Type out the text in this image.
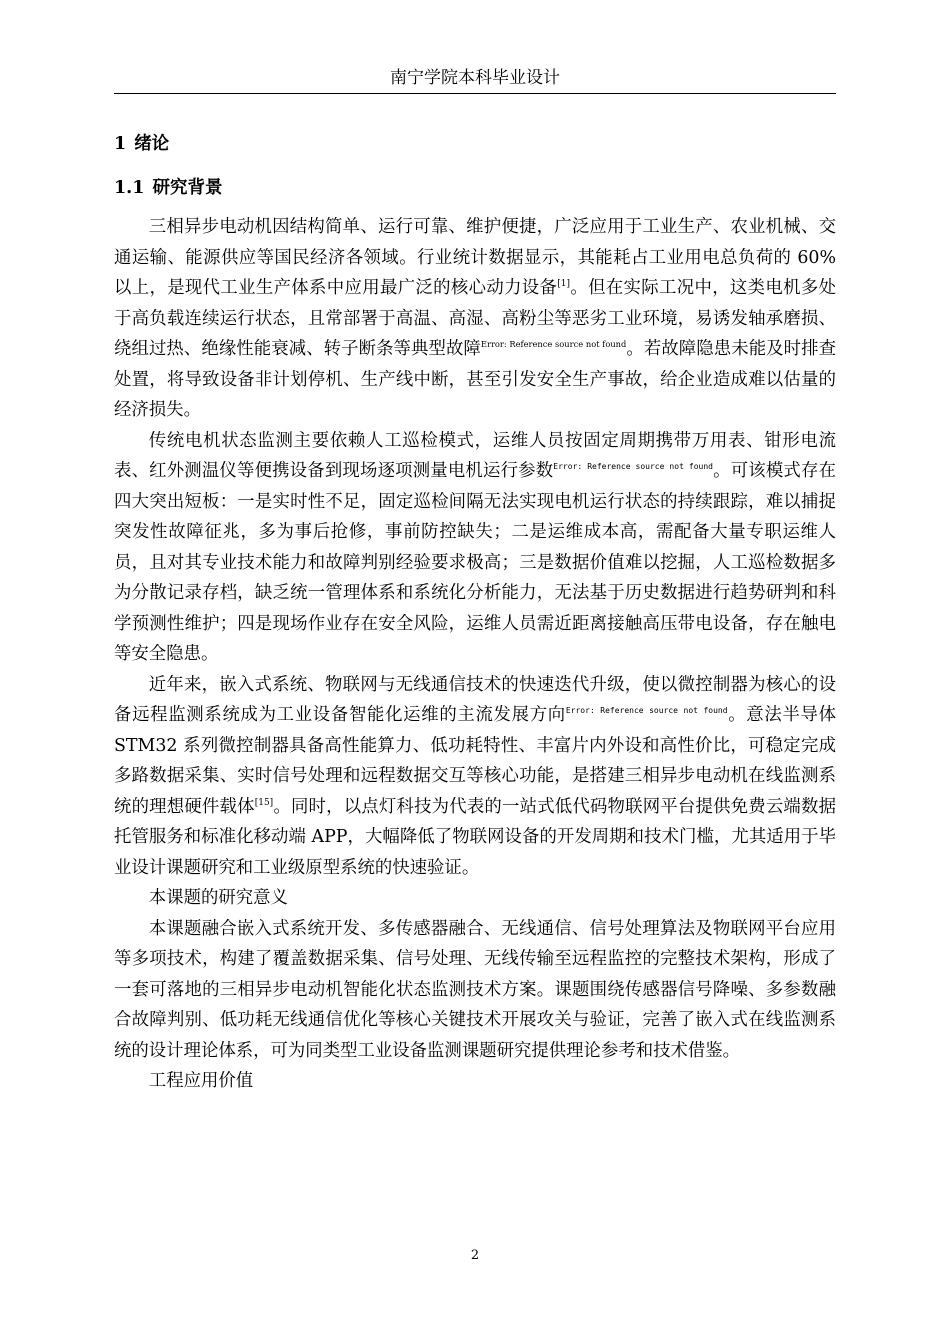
南宁学院本科毕业设计
1 绪论
1.1 研究背景

三相异步电动机因结构简单、运行可靠、维护便捷，广泛应用于工业生产、农业机械、交通运输、能源供应等国民经济各领域。行业统计数据显示，其能耗占工业用电总负荷的 60% 以上，是现代工业生产体系中应用最广泛的核心动力设备[1]。但在实际工况中，这类电机多处于高负载连续运行状态，且常部署于高温、高湿、高粉尘等恶劣工业环境，易诱发轴承磨损、绕组过热、绝缘性能衰减、转子断条等典型故障$^{Error: Reference source not found}$。若故障隐患未能及时排查处置，将导致设备非计划停机、生产线中断，甚至引发安全生产事故，给企业造成难以估量的经济损失。

传统电机状态监测主要依赖人工巡检模式，运维人员按固定周期携带万用表、钳形电流表、红外测温仪等便携设备到现场逐项测量电机运行参数$^{Error: Reference source not found}$。可该模式存在四大突出短板：一是实时性不足，固定巡检间隔无法实现电机运行状态的持续跟踪，难以捕捉突发性故障征兆，多为事后抢修，事前防控缺失；二是运维成本高，需配备大量专职运维人员，且对其专业技术能力和故障判别经验要求极高；三是数据价值难以挖掘，人工巡检数据多为分散记录存档，缺乏统一管理体系和系统化分析能力，无法基于历史数据进行趋势研判和科学预测性维护；四是现场作业存在安全风险，运维人员需近距离接触高压带电设备，存在触电等安全隐患。

近年来，嵌入式系统、物联网与无线通信技术的快速迭代升级，使以微控制器为核心的设备远程监测系统成为工业设备智能化运维的主流发展方向$^{Error: Reference source not found}$。意法半导体 STM32 系列微控制器具备高性能算力、低功耗特性、丰富片内外设和高性价比，可稳定完成多路数据采集、实时信号处理和远程数据交互等核心功能，是搭建三相异步电动机在线监测系统的理想硬件载体[15]。同时，以点灯科技为代表的一站式低代码物联网平台提供免费云端数据托管服务和标准化移动端 APP，大幅降低了物联网设备的开发周期和技术门槛，尤其适用于毕业设计课题研究和工业级原型系统的快速验证。

本课题的研究意义

本课题融合嵌入式系统开发、多传感器融合、无线通信、信号处理算法及物联网平台应用等多项技术，构建了覆盖数据采集、信号处理、无线传输至远程监控的完整技术架构，形成了一套可落地的三相异步电动机智能化状态监测技术方案。课题围绕传感器信号降噪、多参数融合故障判别、低功耗无线通信优化等核心关键技术开展攻关与验证，完善了嵌入式在线监测系统的设计理论体系，可为同类型工业设备监测课题研究提供理论参考和技术借鉴。

工程应用价值

2
